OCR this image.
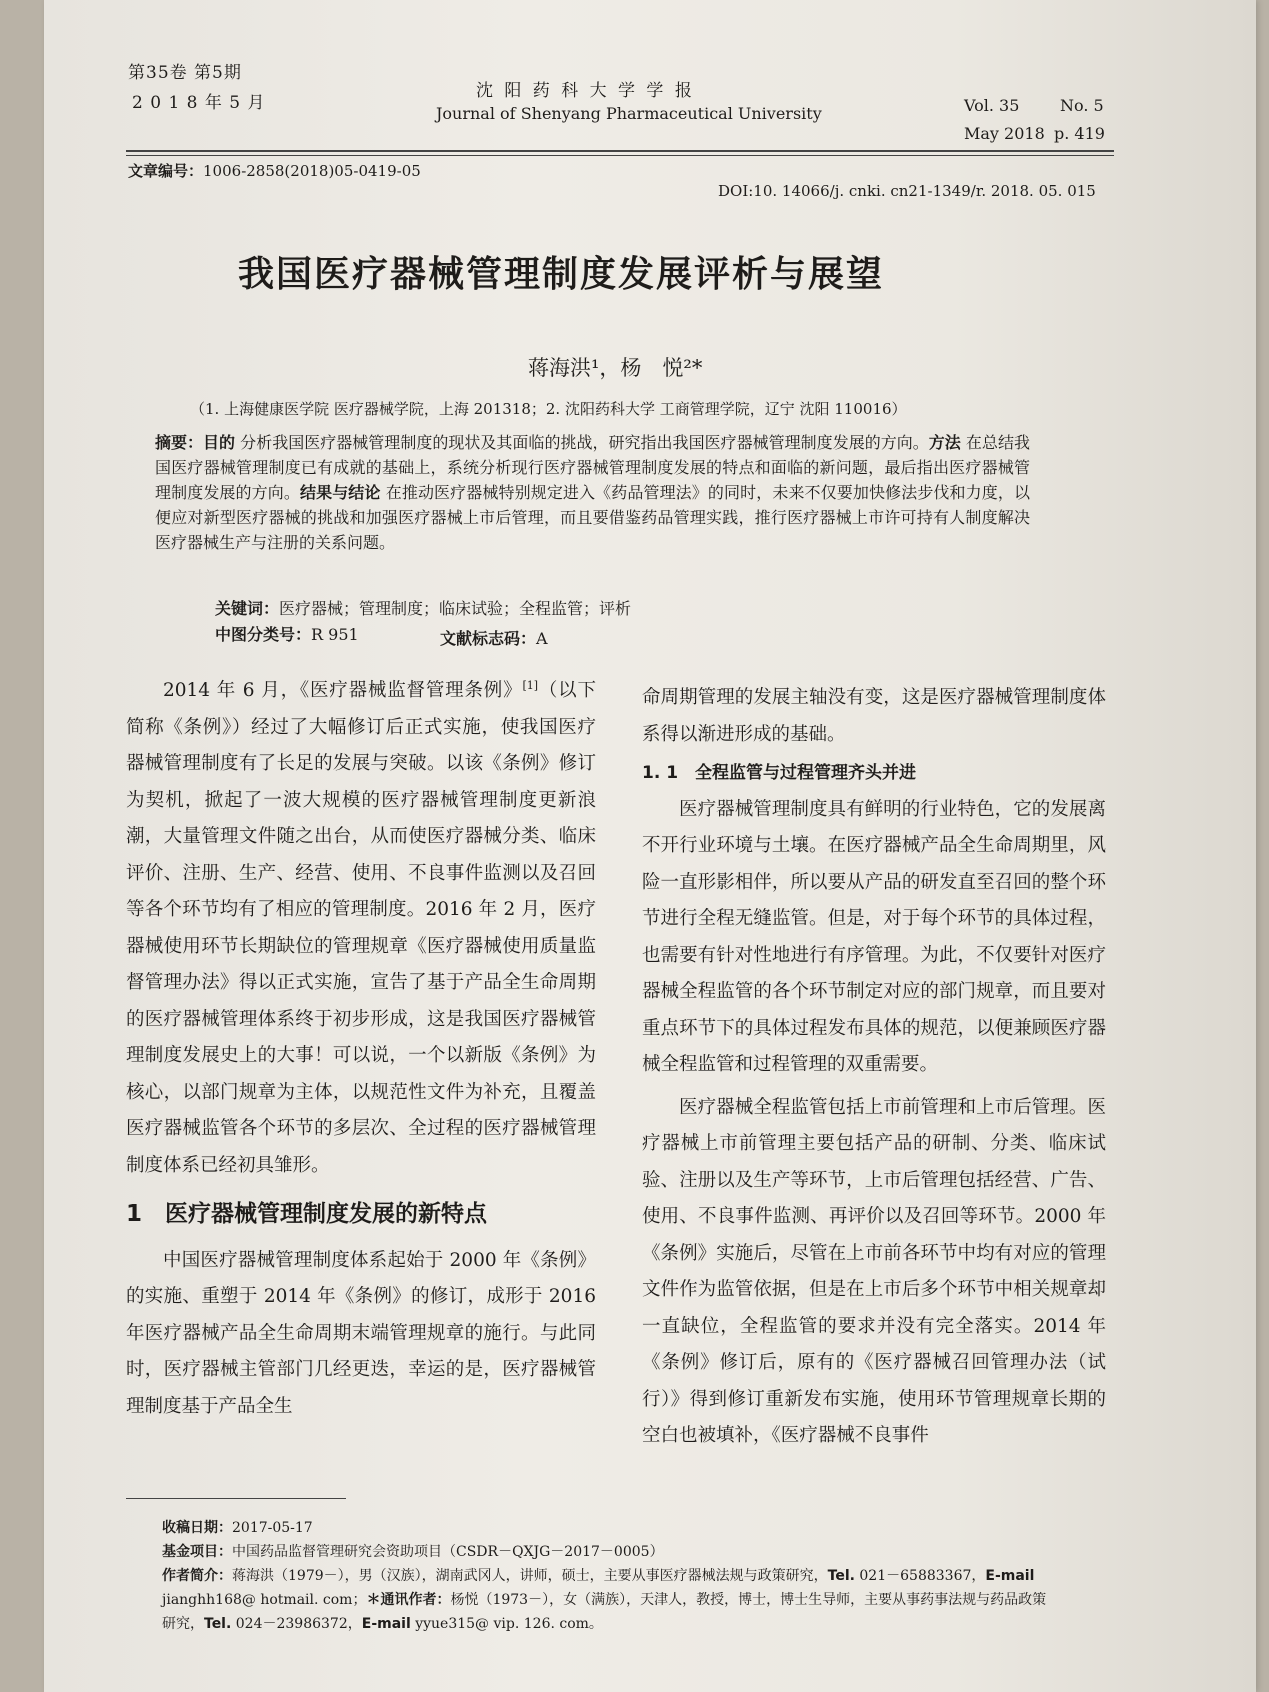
第35卷 第5期
2 0 1 8 年 5 月
沈 阳 药 科 大 学 学 报
Journal of Shenyang Pharmaceutical University	Vol. 35	No. 5
May 2018 p. 419
文章编号：1006-2858(2018)05-0419-05
DOI:10. 14066/j. cnki. cn21-1349/r. 2018. 05. 015
我国医疗器械管理制度发展评析与展望
蒋海洪¹，杨　悦²*
（1. 上海健康医学院 医疗器械学院，上海 201318；2. 沈阳药科大学 工商管理学院，辽宁 沈阳 110016）
摘要：目的 分析我国医疗器械管理制度的现状及其面临的挑战，研究指出我国医疗器械管理制度发展的方向。方法 在总结我国医疗器械管理制度已有成就的基础上，系统分析现行医疗器械管理制度发展的特点和面临的新问题，最后指出医疗器械管理制度发展的方向。结果与结论 在推动医疗器械特别规定进入《药品管理法》的同时，未来不仅要加快修法步伐和力度，以便应对新型医疗器械的挑战和加强医疗器械上市后管理，而且要借鉴药品管理实践，推行医疗器械上市许可持有人制度解决医疗器械生产与注册的关系问题。
关键词：医疗器械；管理制度；临床试验；全程监管；评析
中图分类号：R 951	文献标志码：A

2014 年 6 月，《医疗器械监督管理条例》[1]（以下简称《条例》）经过了大幅修订后正式实施，使我国医疗器械管理制度有了长足的发展与突破。以该《条例》修订为契机，掀起了一波大规模的医疗器械管理制度更新浪潮，大量管理文件随之出台，从而使医疗器械分类、临床评价、注册、生产、经营、使用、不良事件监测以及召回等各个环节均有了相应的管理制度。2016 年 2 月，医疗器械使用环节长期缺位的管理规章《医疗器械使用质量监督管理办法》得以正式实施，宣告了基于产品全生命周期的医疗器械管理体系终于初步形成，这是我国医疗器械管理制度发展史上的大事！可以说，一个以新版《条例》为核心，以部门规章为主体，以规范性文件为补充，且覆盖医疗器械监管各个环节的多层次、全过程的医疗器械管理制度体系已经初具雏形。

1　医疗器械管理制度发展的新特点

中国医疗器械管理制度体系起始于 2000 年《条例》的实施、重塑于 2014 年《条例》的修订，成形于 2016 年医疗器械产品全生命周期末端管理规章的施行。与此同时，医疗器械主管部门几经更迭，幸运的是，医疗器械管理制度基于产品全生

命周期管理的发展主轴没有变，这是医疗器械管理制度体系得以渐进形成的基础。

1. 1　全程监管与过程管理齐头并进

医疗器械管理制度具有鲜明的行业特色，它的发展离不开行业环境与土壤。在医疗器械产品全生命周期里，风险一直形影相伴，所以要从产品的研发直至召回的整个环节进行全程无缝监管。但是，对于每个环节的具体过程，也需要有针对性地进行有序管理。为此，不仅要针对医疗器械全程监管的各个环节制定对应的部门规章，而且要对重点环节下的具体过程发布具体的规范，以便兼顾医疗器械全程监管和过程管理的双重需要。

医疗器械全程监管包括上市前管理和上市后管理。医疗器械上市前管理主要包括产品的研制、分类、临床试验、注册以及生产等环节，上市后管理包括经营、广告、使用、不良事件监测、再评价以及召回等环节。2000 年《条例》实施后，尽管在上市前各环节中均有对应的管理文件作为监管依据，但是在上市后多个环节中相关规章却一直缺位，全程监管的要求并没有完全落实。2014 年《条例》修订后，原有的《医疗器械召回管理办法（试行）》得到修订重新发布实施，使用环节管理规章长期的空白也被填补，《医疗器械不良事件

收稿日期：2017-05-17
基金项目：中国药品监督管理研究会资助项目（CSDR－QXJG－2017－0005）
作者简介：蒋海洪（1979－），男（汉族），湖南武冈人，讲师，硕士，主要从事医疗器械法规与政策研究，Tel. 021－65883367，E-mail jianghh168@ hotmail. com；＊通讯作者：杨悦（1973－），女（满族），天津人，教授，博士，博士生导师，主要从事药事法规与药品政策研究，Tel. 024－23986372，E-mail yyue315@ vip. 126. com。
